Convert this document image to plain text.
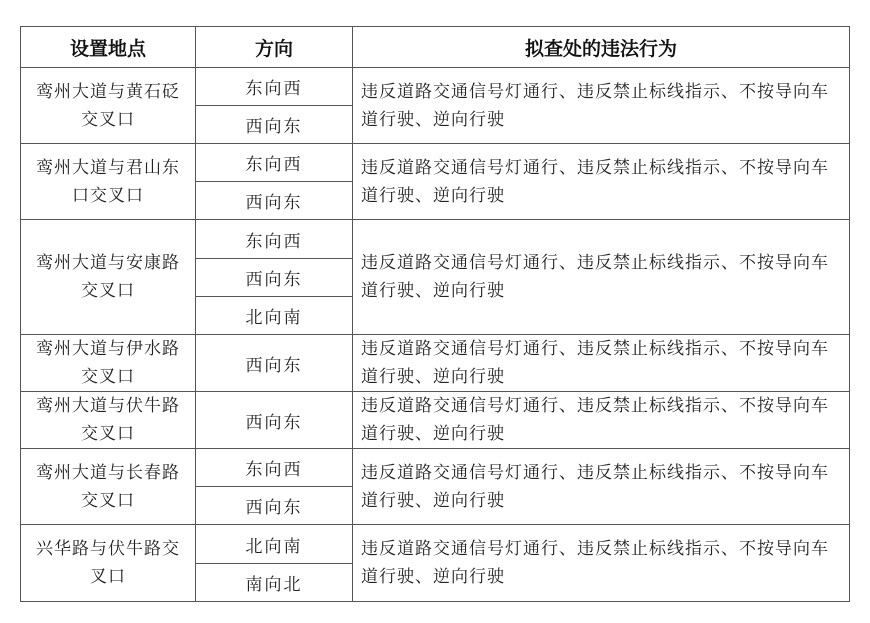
设置地点	方向	拟查处的违法行为
鸾州大道与黄石砭交叉口	东向西	违反道路交通信号灯通行、违反禁止标线指示、不按导向车道行驶、逆向行驶
	西向东	
鸾州大道与君山东口交叉口	东向西	违反道路交通信号灯通行、违反禁止标线指示、不按导向车道行驶、逆向行驶
	西向东	
鸾州大道与安康路交叉口	东向西	违反道路交通信号灯通行、违反禁止标线指示、不按导向车道行驶、逆向行驶
	西向东	
	北向南	
鸾州大道与伊水路交叉口	西向东	违反道路交通信号灯通行、违反禁止标线指示、不按导向车道行驶、逆向行驶
鸾州大道与伏牛路交叉口	西向东	违反道路交通信号灯通行、违反禁止标线指示、不按导向车道行驶、逆向行驶
鸾州大道与长春路交叉口	东向西	违反道路交通信号灯通行、违反禁止标线指示、不按导向车道行驶、逆向行驶
	西向东	
兴华路与伏牛路交叉口	北向南	违反道路交通信号灯通行、违反禁止标线指示、不按导向车道行驶、逆向行驶
	南向北	
